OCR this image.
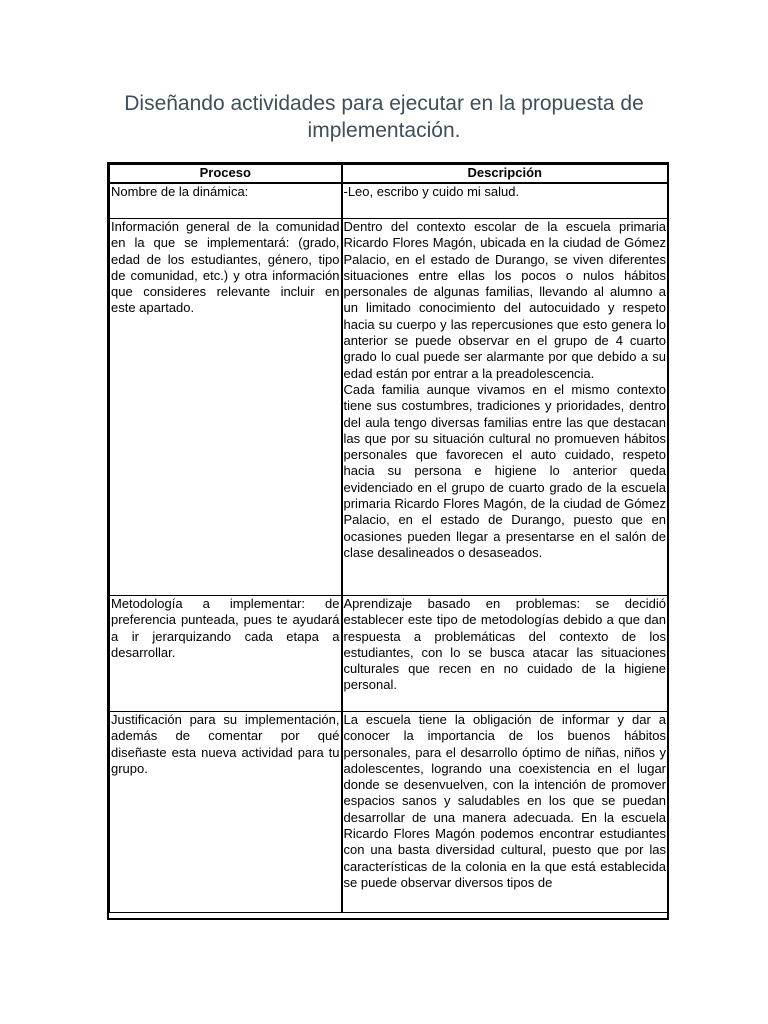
Diseñando actividades para ejecutar en la propuesta de implementación.
Proceso	Descripción
Nombre de la dinámica:	-Leo, escribo y cuido mi salud.

Información general de la comunidad en la que se implementará: (grado, edad de los estudiantes, género, tipo de comunidad, etc.) y otra información que consideres relevante incluir en este apartado.	Dentro del contexto escolar de la escuela primaria Ricardo Flores Magón, ubicada en la ciudad de Gómez Palacio, en el estado de Durango, se viven diferentes situaciones entre ellas los pocos o nulos hábitos personales de algunas familias, llevando al alumno a un limitado conocimiento del autocuidado y respeto hacia su cuerpo y las repercusiones que esto genera lo anterior se puede observar en el grupo de 4 cuarto grado lo cual puede ser alarmante por que debido a su edad están por entrar a la preadolescencia.

Cada familia aunque vivamos en el mismo contexto tiene sus costumbres, tradiciones y prioridades, dentro del aula tengo diversas familias entre las que destacan las que por su situación cultural no promueven hábitos personales que favorecen el auto cuidado, respeto hacia su persona e higiene lo anterior queda evidenciado en el grupo de cuarto grado de la escuela primaria Ricardo Flores Magón, de la ciudad de Gómez Palacio, en el estado de Durango, puesto que en ocasiones pueden llegar a presentarse en el salón de clase desalineados o desaseados.

Metodología a implementar: de preferencia punteada, pues te ayudará a ir jerarquizando cada etapa a desarrollar.	Aprendizaje basado en problemas: se decidió establecer este tipo de metodologías debido a que dan respuesta a problemáticas del contexto de los estudiantes, con lo se busca atacar las situaciones culturales que recen en no cuidado de la higiene personal.

Justificación para su implementación, además de comentar por qué diseñaste esta nueva actividad para tu grupo.	La escuela tiene la obligación de informar y dar a conocer la importancia de los buenos hábitos personales, para el desarrollo óptimo de niñas, niños y adolescentes, logrando una coexistencia en el lugar donde se desenvuelven, con la intención de promover espacios sanos y saludables en los que se puedan desarrollar de una manera adecuada. En la escuela Ricardo Flores Magón podemos encontrar estudiantes con una basta diversidad cultural, puesto que por las características de la colonia en la que está establecida se puede observar diversos tipos de
